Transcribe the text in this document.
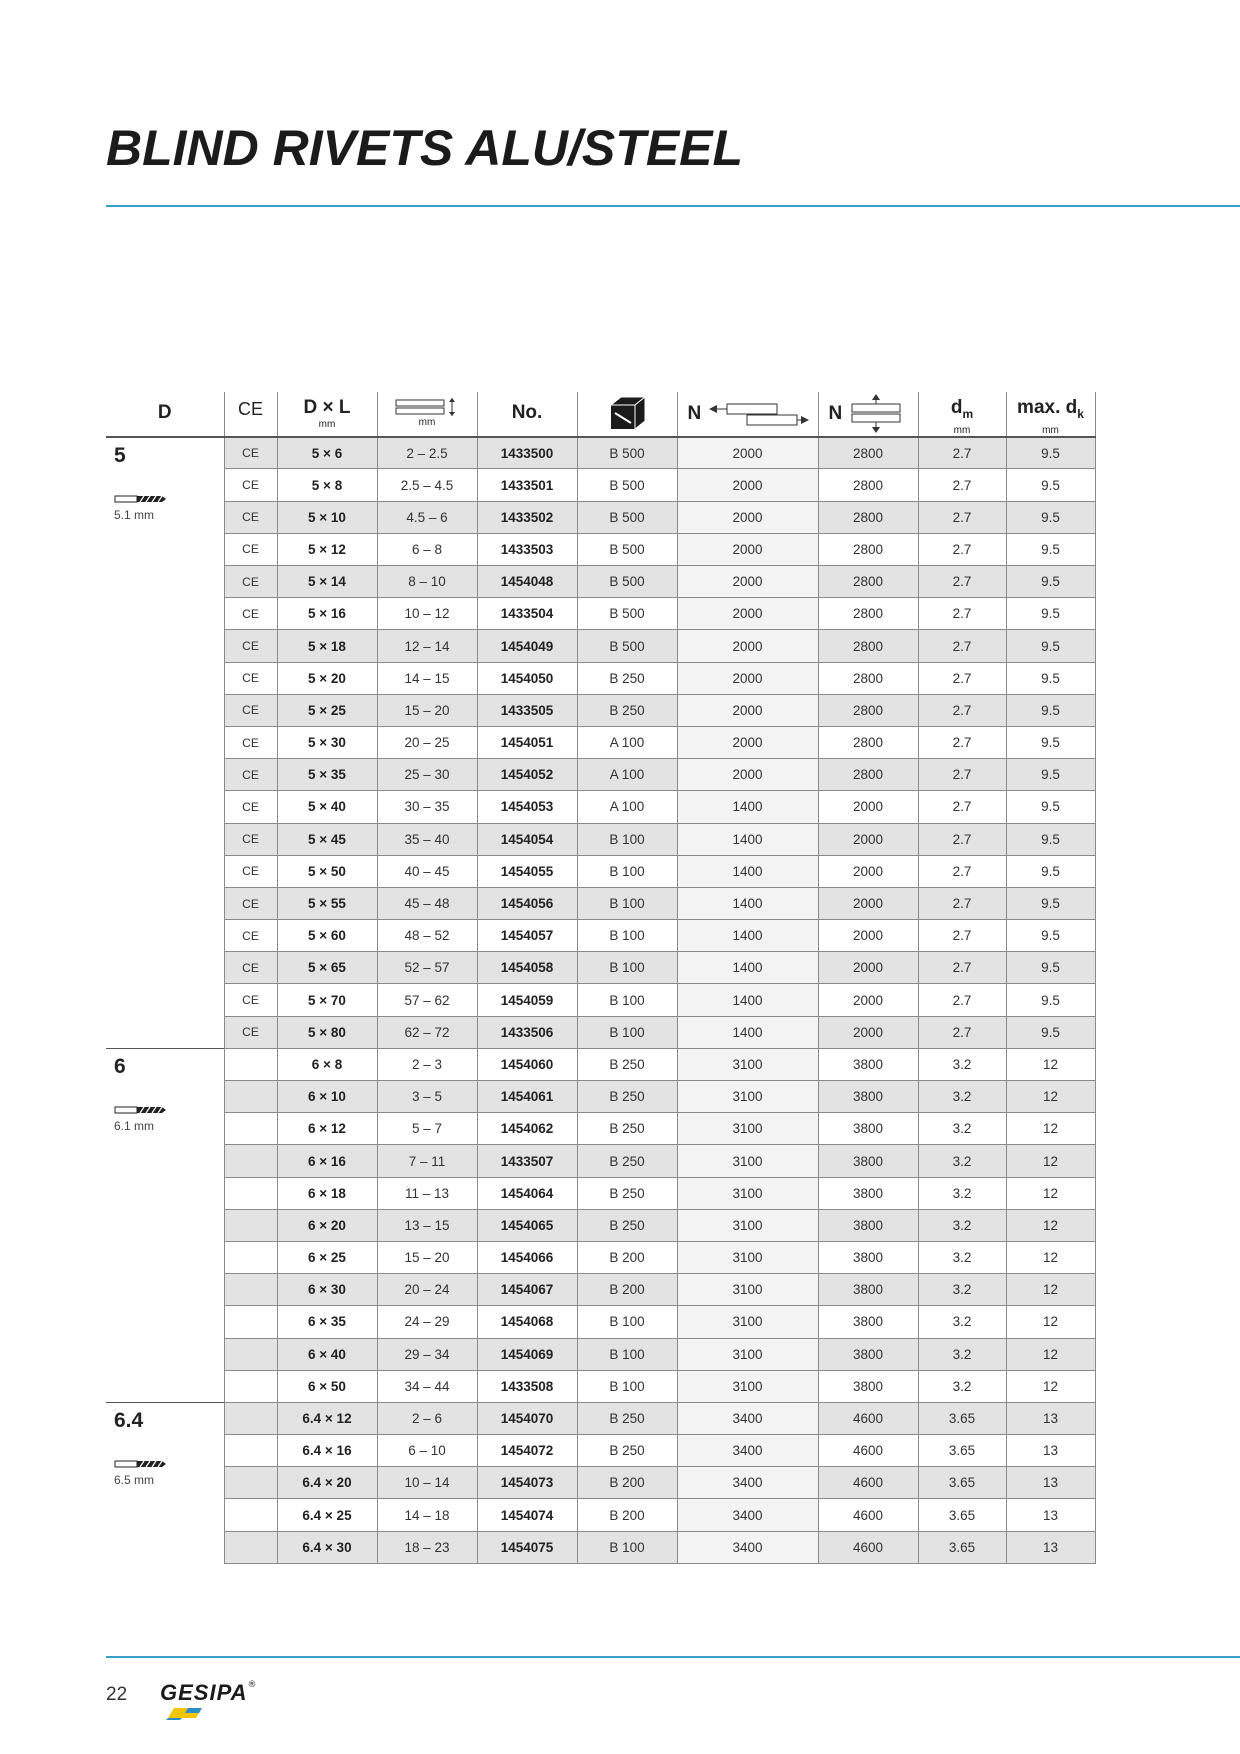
BLIND RIVETS ALU/STEEL
D	CE	D × L
mm	mm	No.		N	N	$d_m$
mm	max. $d_k$
mm

5
5.1 mm	CE	5 × 6	2 – 2.5	1433500	B 500	2000	2800	2.7	9.5
	CE	5 × 8	2.5 – 4.5	1433501	B 500	2000	2800	2.7	9.5
	CE	5 × 10	4.5 – 6	1433502	B 500	2000	2800	2.7	9.5
	CE	5 × 12	6 – 8	1433503	B 500	2000	2800	2.7	9.5
	CE	5 × 14	8 – 10	1454048	B 500	2000	2800	2.7	9.5
	CE	5 × 16	10 – 12	1433504	B 500	2000	2800	2.7	9.5
	CE	5 × 18	12 – 14	1454049	B 500	2000	2800	2.7	9.5
	CE	5 × 20	14 – 15	1454050	B 250	2000	2800	2.7	9.5
	CE	5 × 25	15 – 20	1433505	B 250	2000	2800	2.7	9.5
	CE	5 × 30	20 – 25	1454051	A 100	2000	2800	2.7	9.5
	CE	5 × 35	25 – 30	1454052	A 100	2000	2800	2.7	9.5
	CE	5 × 40	30 – 35	1454053	A 100	1400	2000	2.7	9.5
	CE	5 × 45	35 – 40	1454054	B 100	1400	2000	2.7	9.5
	CE	5 × 50	40 – 45	1454055	B 100	1400	2000	2.7	9.5
	CE	5 × 55	45 – 48	1454056	B 100	1400	2000	2.7	9.5
	CE	5 × 60	48 – 52	1454057	B 100	1400	2000	2.7	9.5
	CE	5 × 65	52 – 57	1454058	B 100	1400	2000	2.7	9.5
	CE	5 × 70	57 – 62	1454059	B 100	1400	2000	2.7	9.5
	CE	5 × 80	62 – 72	1433506	B 100	1400	2000	2.7	9.5

6
6.1 mm		6 × 8	2 – 3	1454060	B 250	3100	3800	3.2	12
		6 × 10	3 – 5	1454061	B 250	3100	3800	3.2	12
		6 × 12	5 – 7	1454062	B 250	3100	3800	3.2	12
		6 × 16	7 – 11	1433507	B 250	3100	3800	3.2	12
		6 × 18	11 – 13	1454064	B 250	3100	3800	3.2	12
		6 × 20	13 – 15	1454065	B 250	3100	3800	3.2	12
		6 × 25	15 – 20	1454066	B 200	3100	3800	3.2	12
		6 × 30	20 – 24	1454067	B 200	3100	3800	3.2	12
		6 × 35	24 – 29	1454068	B 100	3100	3800	3.2	12
		6 × 40	29 – 34	1454069	B 100	3100	3800	3.2	12
		6 × 50	34 – 44	1433508	B 100	3100	3800	3.2	12

6.4
6.5 mm		6.4 × 12	2 – 6	1454070	B 250	3400	4600	3.65	13
		6.4 × 16	6 – 10	1454072	B 250	3400	4600	3.65	13
		6.4 × 20	10 – 14	1454073	B 200	3400	4600	3.65	13
		6.4 × 25	14 – 18	1454074	B 200	3400	4600	3.65	13
		6.4 × 30	18 – 23	1454075	B 100	3400	4600	3.65	13
22 GESIPA®
